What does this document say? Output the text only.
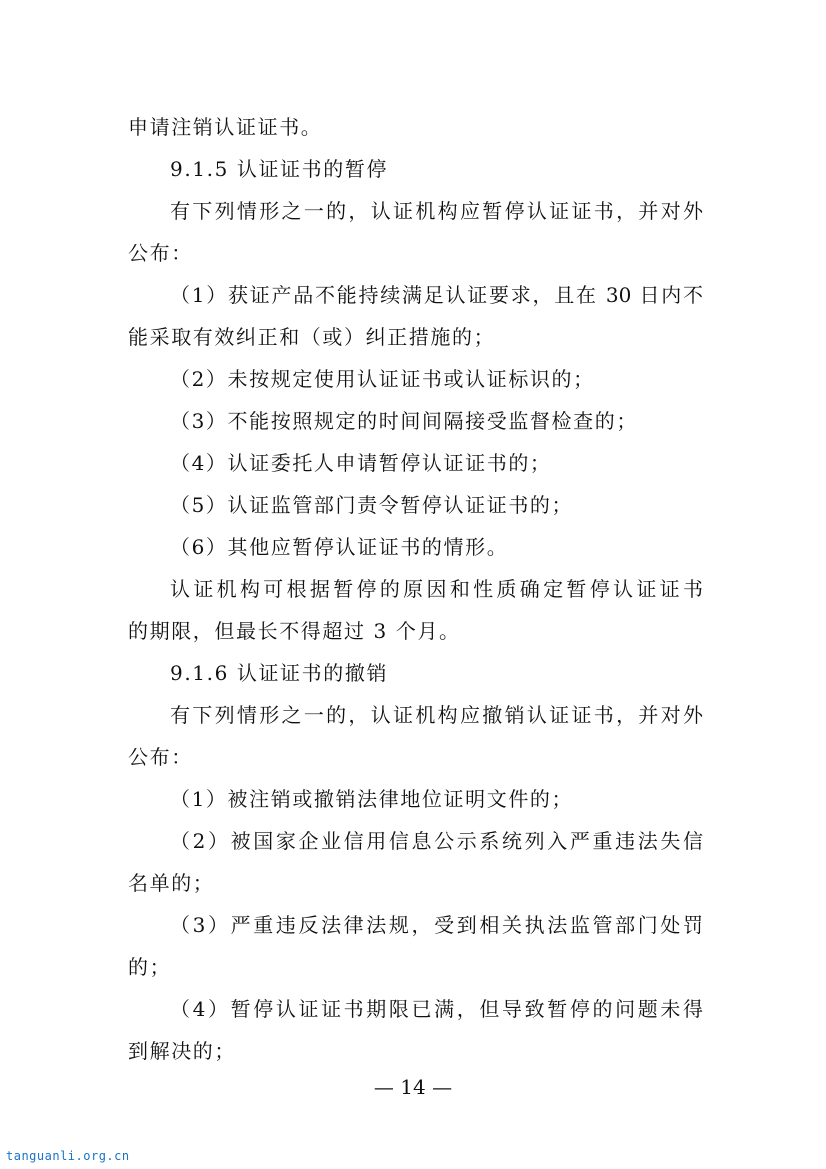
申请注销认证证书。
9.1.5 认证证书的暂停
有下列情形之一的，认证机构应暂停认证证书，并对外
公布：
（1）获证产品不能持续满足认证要求，且在 30 日内不
能采取有效纠正和（或）纠正措施的；
（2）未按规定使用认证证书或认证标识的；
（3）不能按照规定的时间间隔接受监督检查的；
（4）认证委托人申请暂停认证证书的；
（5）认证监管部门责令暂停认证证书的；
（6）其他应暂停认证证书的情形。
认证机构可根据暂停的原因和性质确定暂停认证证书
的期限，但最长不得超过 3 个月。
9.1.6 认证证书的撤销
有下列情形之一的，认证机构应撤销认证证书，并对外
公布：
（1）被注销或撤销法律地位证明文件的；
（2）被国家企业信用信息公示系统列入严重违法失信
名单的；
（3）严重违反法律法规，受到相关执法监管部门处罚
的；
（4）暂停认证证书期限已满，但导致暂停的问题未得
到解决的；
— 14 —
tanguanli.org.cn
